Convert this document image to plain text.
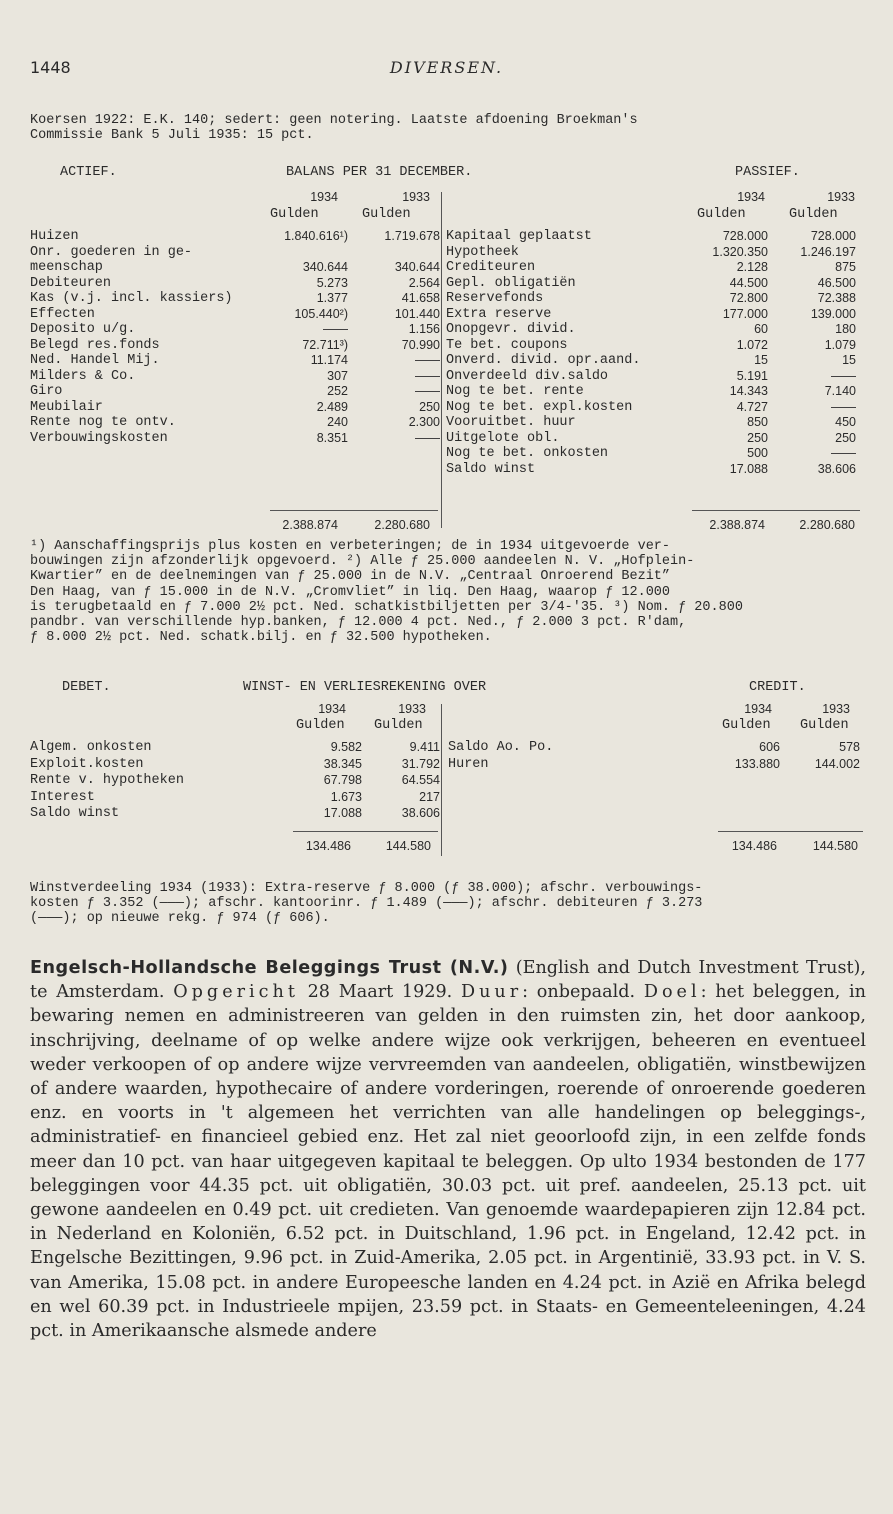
1448	DIVERSEN.
Koersen 1922: E.K. 140; sedert: geen notering. Laatste afdoening Broekman's
Commissie Bank 5 Juli 1935: 15 pct.
ACTIEF.	BALANS PER 31 DECEMBER.	PASSIEF.
1934	1933	1934	1933
Gulden	Gulden	Gulden	Gulden
Huizen	1.840.616¹)	1.719.678
Onr. goederen in ge-
meenschap	340.644	340.644
Debiteuren	5.273	2.564
Kas (v.j. incl. kassiers)	1.377	41.658
Effecten	105.440²)	101.440
Deposito u/g.	——	1.156
Belegd res.fonds	72.711³)	70.990
Ned. Handel Mij.	11.174	——
Milders & Co.	307	——
Giro	252	——
Meubilair	2.489	250
Rente nog te ontv.	240	2.300
Verbouwingskosten	8.351	——
Kapitaal geplaatst	728.000	728.000
Hypotheek	1.320.350	1.246.197
Crediteuren	2.128	875
Gepl. obligatiën	44.500	46.500
Reservefonds	72.800	72.388
Extra reserve	177.000	139.000
Onopgevr. divid.	60	180
Te bet. coupons	1.072	1.079
Onverd. divid. opr.aand.	15	15
Onverdeeld div.saldo	5.191	——
Nog te bet. rente	14.343	7.140
Nog te bet. expl.kosten	4.727	——
Vooruitbet. huur	850	450
Uitgelote obl.	250	250
Nog te bet. onkosten	500	——
Saldo winst	17.088	38.606
2.388.874	2.280.680	2.388.874	2.280.680
¹) Aanschaffingsprijs plus kosten en verbeteringen; de in 1934 uitgevoerde ver-
bouwingen zijn afzonderlijk opgevoerd. ²) Alle ƒ 25.000 aandeelen N. V. „Hofplein-
Kwartier” en de deelnemingen van ƒ 25.000 in de N.V. „Centraal Onroerend Bezit”
Den Haag, van ƒ 15.000 in de N.V. „Cromvliet” in liq. Den Haag, waarop ƒ 12.000
is terugbetaald en ƒ 7.000 2½ pct. Ned. schatkistbiljetten per 3/4-'35. ³) Nom. ƒ 20.800
pandbr. van verschillende hyp.banken, ƒ 12.000 4 pct. Ned., ƒ 2.000 3 pct. R'dam,
ƒ 8.000 2½ pct. Ned. schatk.bilj. en ƒ 32.500 hypotheken.
DEBET.	WINST- EN VERLIESREKENING OVER	CREDIT.
1934	1933	1934	1933
Gulden Gulden	Gulden Gulden
Algem. onkosten	9.582	9.411
Exploit.kosten	38.345	31.792
Rente v. hypotheken	67.798	64.554
Interest	1.673	217
Saldo winst	17.088	38.606
Saldo Ao. Po.	606	578
Huren	133.880	144.002
134.486	144.580	134.486	144.580
Winstverdeeling 1934 (1933): Extra-reserve ƒ 8.000 (ƒ 38.000); afschr. verbouwings-
kosten ƒ 3.352 (———); afschr. kantoorinr. ƒ 1.489 (———); afschr. debiteuren ƒ 3.273
(———); op nieuwe rekg. ƒ 974 (ƒ 606).
Engelsch-Hollandsche Beleggings Trust (N.V.) (English and Dutch Investment Trust), te Amsterdam. Opgericht 28 Maart 1929. Duur: onbepaald. Doel: het beleggen, in bewaring nemen en administreeren van gelden in den ruimsten zin, het door aankoop, inschrijving, deelname of op welke andere wijze ook verkrijgen, beheeren en eventueel weder verkoopen of op andere wijze vervreemden van aandeelen, obligatiën, winstbewijzen of andere waarden, hypothecaire of andere vorderingen, roerende of onroerende goederen enz. en voorts in 't algemeen het verrichten van alle handelingen op beleggings-, administratief- en financieel gebied enz. Het zal niet geoorloofd zijn, in een zelfde fonds meer dan 10 pct. van haar uitgegeven kapitaal te beleggen. Op ulto 1934 bestonden de 177 beleggingen voor 44.35 pct. uit obligatiën, 30.03 pct. uit pref. aandeelen, 25.13 pct. uit gewone aandeelen en 0.49 pct. uit credieten. Van genoemde waardepapieren zijn 12.84 pct. in Nederland en Koloniën, 6.52 pct. in Duitschland, 1.96 pct. in Engeland, 12.42 pct. in Engelsche Bezittingen, 9.96 pct. in Zuid-Amerika, 2.05 pct. in Argentinië, 33.93 pct. in V. S. van Amerika, 15.08 pct. in andere Europeesche landen en 4.24 pct. in Azië en Afrika belegd en wel 60.39 pct. in Industrieele mpijen, 23.59 pct. in Staats- en Gemeenteleeningen, 4.24 pct. in Amerikaansche alsmede andere
